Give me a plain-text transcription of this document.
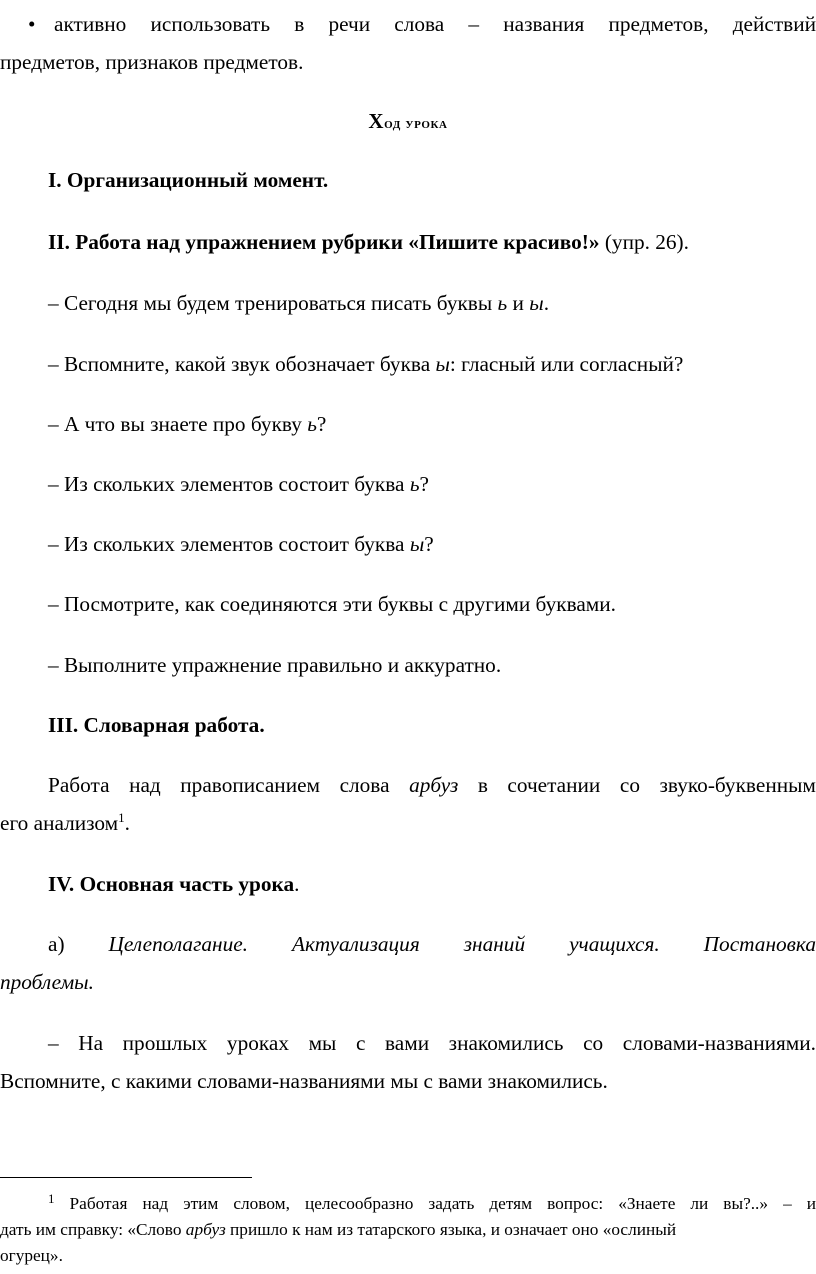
• активно использовать в речи слова – названия предметов, действий
предметов, признаков предметов.
Ход урока
I. Организационный момент.
II. Работа над упражнением рубрики «Пишите красиво!» (упр. 26).
– Сегодня мы будем тренироваться писать буквы ь и ы.
– Вспомните, какой звук обозначает буква ы: гласный или согласный?
– А что вы знаете про букву ь?
– Из скольких элементов состоит буква ь?
– Из скольких элементов состоит буква ы?
– Посмотрите, как соединяются эти буквы с другими буквами.
– Выполните упражнение правильно и аккуратно.
III. Словарная работа.
Работа над правописанием слова арбуз в сочетании со звуко-буквенным
его анализом$^1$.
IV. Основная часть урока.
а) Целеполагание. Актуализация знаний учащихся. Постановка
проблемы.
– На прошлых уроках мы с вами знакомились со словами-названиями.
Вспомните, с какими словами-названиями мы с вами знакомились.
1 Работая над этим словом, целесообразно задать детям вопрос: «Знаете ли вы?..» – и
дать им справку: «Слово арбуз пришло к нам из татарского языка, и означает оно «ослиный
огурец».
